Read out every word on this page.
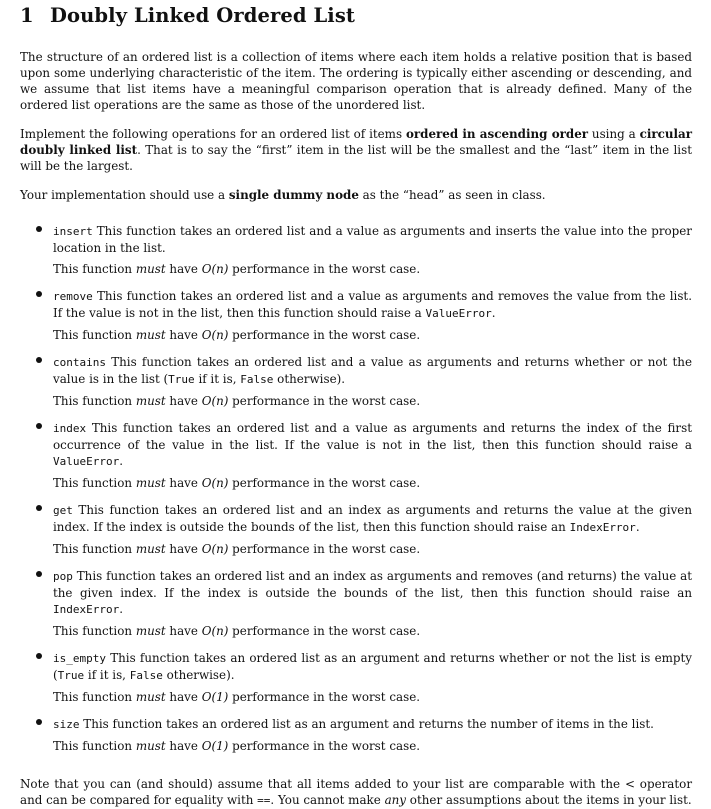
1 Doubly Linked Ordered List

The structure of an ordered list is a collection of items where each item holds a relative position that is based upon some underlying characteristic of the item. The ordering is typically either ascending or descending, and we assume that list items have a meaningful comparison operation that is already defined. Many of the ordered list operations are the same as those of the unordered list.

Implement the following operations for an ordered list of items ordered in ascending order using a circular doubly linked list. That is to say the “first” item in the list will be the smallest and the “last” item in the list will be the largest.

Your implementation should use a single dummy node as the “head” as seen in class.

insert This function takes an ordered list and a value as arguments and inserts the value into the proper location in the list.

This function must have O(n) performance in the worst case.

remove This function takes an ordered list and a value as arguments and removes the value from the list. If the value is not in the list, then this function should raise a ValueError.

This function must have O(n) performance in the worst case.

contains This function takes an ordered list and a value as arguments and returns whether or not the value is in the list (True if it is, False otherwise).

This function must have O(n) performance in the worst case.

index This function takes an ordered list and a value as arguments and returns the index of the first occurrence of the value in the list. If the value is not in the list, then this function should raise a ValueError.

This function must have O(n) performance in the worst case.

get This function takes an ordered list and an index as arguments and returns the value at the given index. If the index is outside the bounds of the list, then this function should raise an IndexError.

This function must have O(n) performance in the worst case.

pop This function takes an ordered list and an index as arguments and removes (and returns) the value at the given index. If the index is outside the bounds of the list, then this function should raise an IndexError.

This function must have O(n) performance in the worst case.

is_empty This function takes an ordered list as an argument and returns whether or not the list is empty (True if it is, False otherwise).

This function must have O(1) performance in the worst case.

size This function takes an ordered list as an argument and returns the number of items in the list.

This function must have O(1) performance in the worst case.

Note that you can (and should) assume that all items added to your list are comparable with the < operator and can be compared for equality with ==. You cannot make any other assumptions about the items in your list.
